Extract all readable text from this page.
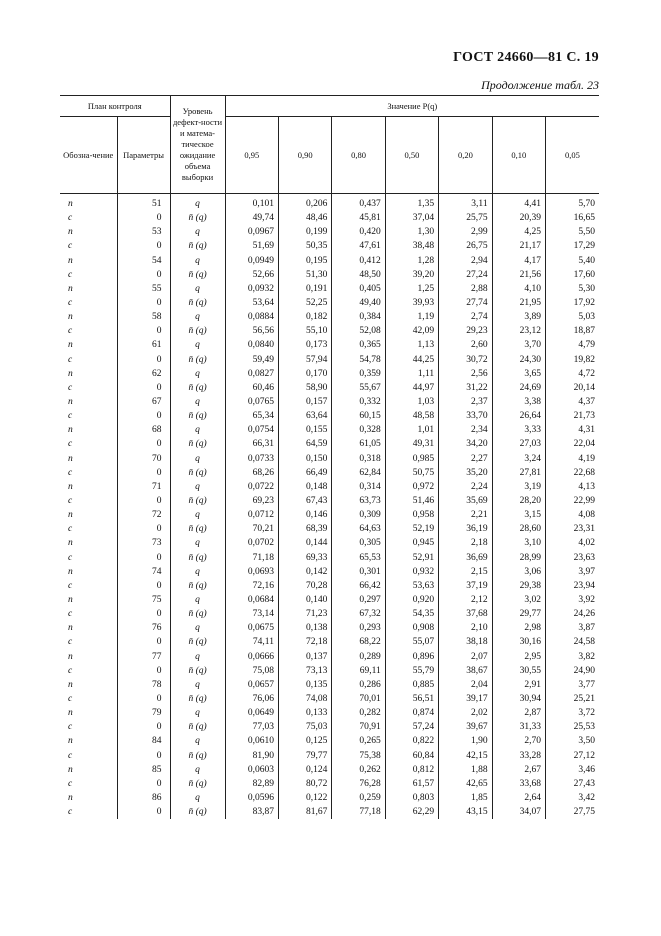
ГОСТ 24660—81 С. 19
Продолжение табл. 23
План контроля		Уровень дефект-ности и матема-тическое ожидание объема выборки	Значение P(q)						
Обозна-чение	Параметры		0,95	0,90	0,80	0,50	0,20	0,10	0,05
n	51	q	0,101	0,206	0,437	1,35	3,11	4,41	5,70
c	0	n̄ (q)	49,74	48,46	45,81	37,04	25,75	20,39	16,65
n	53	q	0,0967	0,199	0,420	1,30	2,99	4,25	5,50
c	0	n̄ (q)	51,69	50,35	47,61	38,48	26,75	21,17	17,29
n	54	q	0,0949	0,195	0,412	1,28	2,94	4,17	5,40
c	0	n̄ (q)	52,66	51,30	48,50	39,20	27,24	21,56	17,60
n	55	q	0,0932	0,191	0,405	1,25	2,88	4,10	5,30
c	0	n̄ (q)	53,64	52,25	49,40	39,93	27,74	21,95	17,92
n	58	q	0,0884	0,182	0,384	1,19	2,74	3,89	5,03
c	0	n̄ (q)	56,56	55,10	52,08	42,09	29,23	23,12	18,87
n	61	q	0,0840	0,173	0,365	1,13	2,60	3,70	4,79
c	0	n̄ (q)	59,49	57,94	54,78	44,25	30,72	24,30	19,82
n	62	q	0,0827	0,170	0,359	1,11	2,56	3,65	4,72
c	0	n̄ (q)	60,46	58,90	55,67	44,97	31,22	24,69	20,14
n	67	q	0,0765	0,157	0,332	1,03	2,37	3,38	4,37
c	0	n̄ (q)	65,34	63,64	60,15	48,58	33,70	26,64	21,73
n	68	q	0,0754	0,155	0,328	1,01	2,34	3,33	4,31
c	0	n̄ (q)	66,31	64,59	61,05	49,31	34,20	27,03	22,04
n	70	q	0,0733	0,150	0,318	0,985	2,27	3,24	4,19
c	0	n̄ (q)	68,26	66,49	62,84	50,75	35,20	27,81	22,68
n	71	q	0,0722	0,148	0,314	0,972	2,24	3,19	4,13
c	0	n̄ (q)	69,23	67,43	63,73	51,46	35,69	28,20	22,99
n	72	q	0,0712	0,146	0,309	0,958	2,21	3,15	4,08
c	0	n̄ (q)	70,21	68,39	64,63	52,19	36,19	28,60	23,31
n	73	q	0,0702	0,144	0,305	0,945	2,18	3,10	4,02
c	0	n̄ (q)	71,18	69,33	65,53	52,91	36,69	28,99	23,63
n	74	q	0,0693	0,142	0,301	0,932	2,15	3,06	3,97
c	0	n̄ (q)	72,16	70,28	66,42	53,63	37,19	29,38	23,94
n	75	q	0,0684	0,140	0,297	0,920	2,12	3,02	3,92
c	0	n̄ (q)	73,14	71,23	67,32	54,35	37,68	29,77	24,26
n	76	q	0,0675	0,138	0,293	0,908	2,10	2,98	3,87
c	0	n̄ (q)	74,11	72,18	68,22	55,07	38,18	30,16	24,58
n	77	q	0,0666	0,137	0,289	0,896	2,07	2,95	3,82
c	0	n̄ (q)	75,08	73,13	69,11	55,79	38,67	30,55	24,90
n	78	q	0,0657	0,135	0,286	0,885	2,04	2,91	3,77
c	0	n̄ (q)	76,06	74,08	70,01	56,51	39,17	30,94	25,21
n	79	q	0,0649	0,133	0,282	0,874	2,02	2,87	3,72
c	0	n̄ (q)	77,03	75,03	70,91	57,24	39,67	31,33	25,53
n	84	q	0,0610	0,125	0,265	0,822	1,90	2,70	3,50
c	0	n̄ (q)	81,90	79,77	75,38	60,84	42,15	33,28	27,12
n	85	q	0,0603	0,124	0,262	0,812	1,88	2,67	3,46
c	0	n̄ (q)	82,89	80,72	76,28	61,57	42,65	33,68	27,43
n	86	q	0,0596	0,122	0,259	0,803	1,85	2,64	3,42
c	0	n̄ (q)	83,87	81,67	77,18	62,29	43,15	34,07	27,75
